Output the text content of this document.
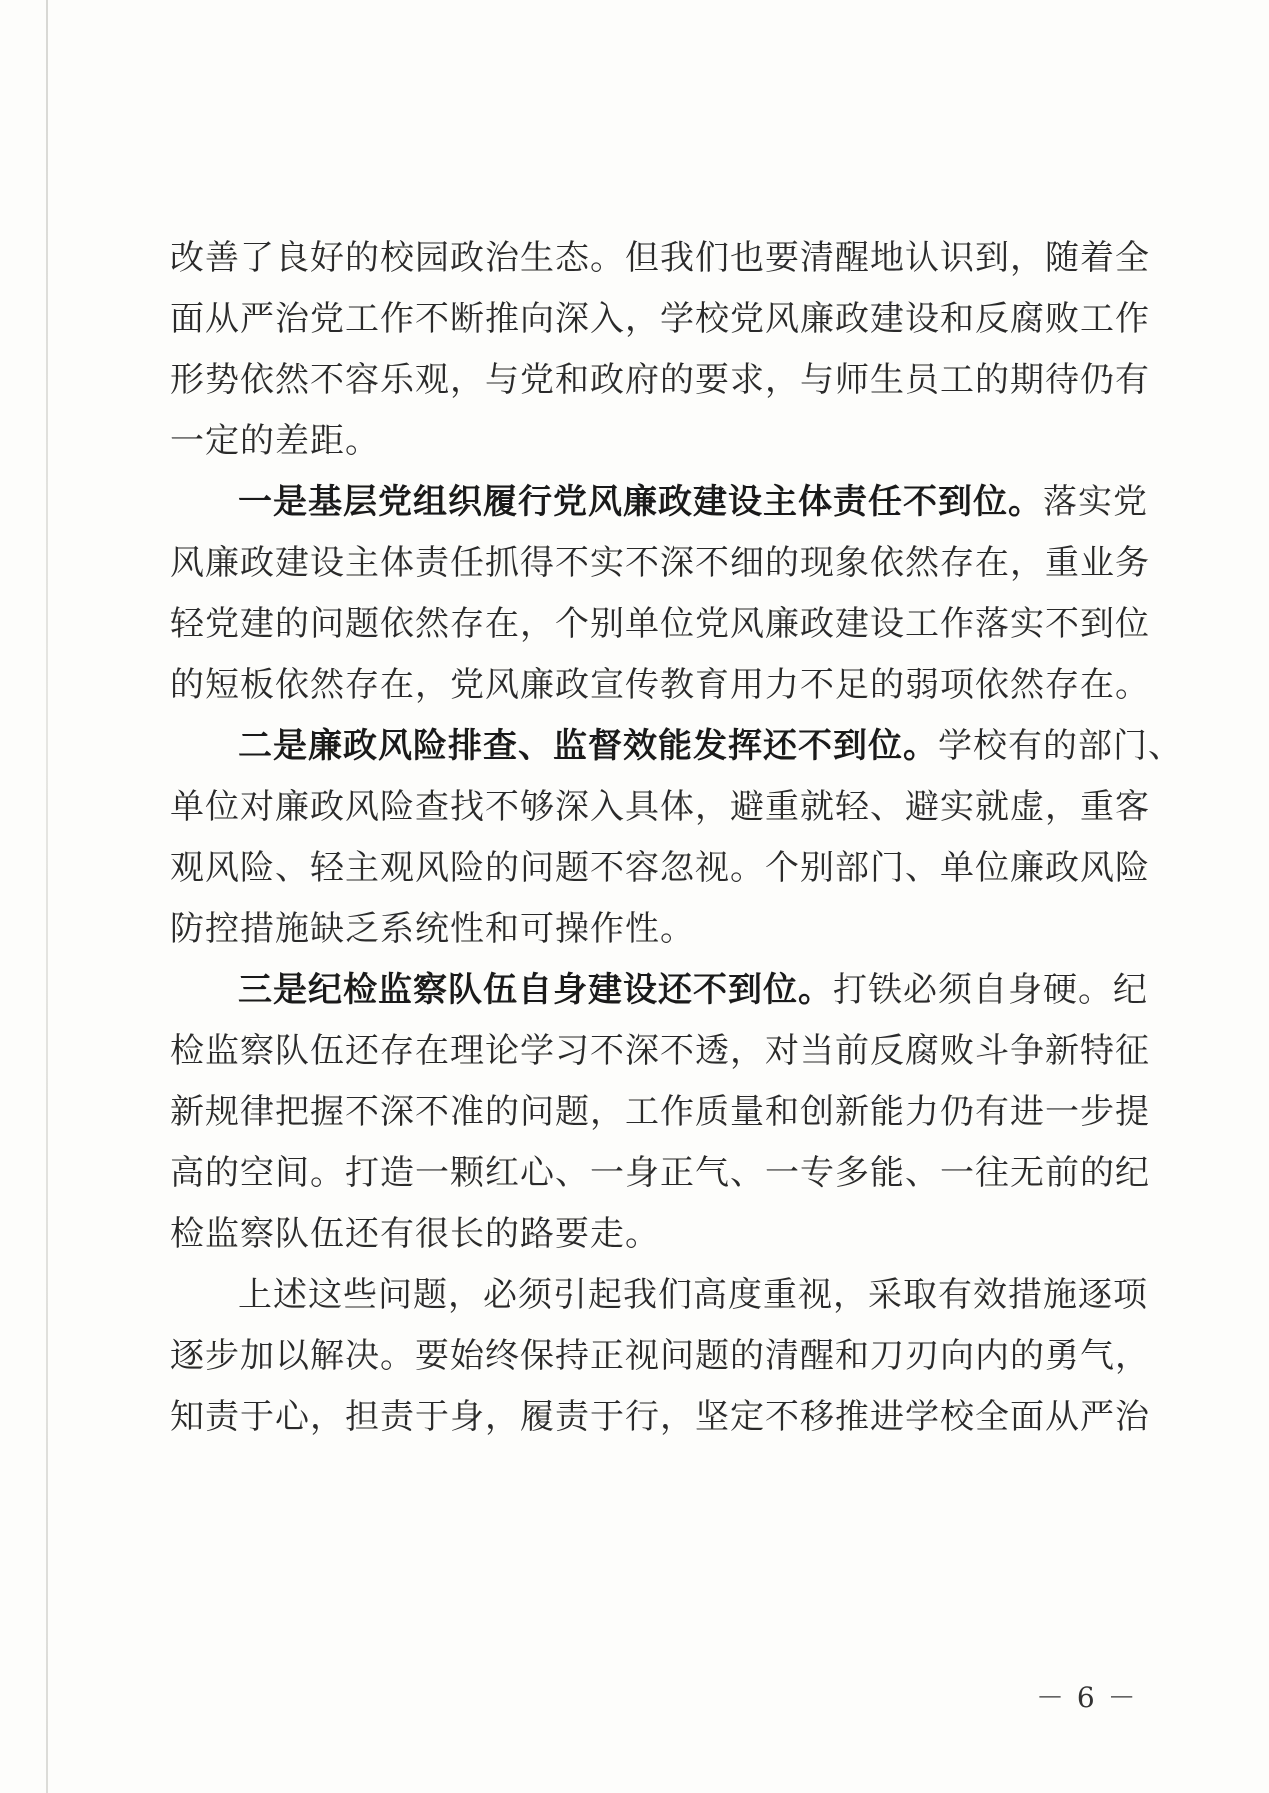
改善了良好的校园政治生态。但我们也要清醒地认识到，随着全
面从严治党工作不断推向深入，学校党风廉政建设和反腐败工作
形势依然不容乐观，与党和政府的要求，与师生员工的期待仍有
一定的差距。
一是基层党组织履行党风廉政建设主体责任不到位。落实党
风廉政建设主体责任抓得不实不深不细的现象依然存在，重业务
轻党建的问题依然存在，个别单位党风廉政建设工作落实不到位
的短板依然存在，党风廉政宣传教育用力不足的弱项依然存在。
二是廉政风险排查、监督效能发挥还不到位。学校有的部门、
单位对廉政风险查找不够深入具体，避重就轻、避实就虚，重客
观风险、轻主观风险的问题不容忽视。个别部门、单位廉政风险
防控措施缺乏系统性和可操作性。
三是纪检监察队伍自身建设还不到位。打铁必须自身硬。纪
检监察队伍还存在理论学习不深不透，对当前反腐败斗争新特征
新规律把握不深不准的问题，工作质量和创新能力仍有进一步提
高的空间。打造一颗红心、一身正气、一专多能、一往无前的纪
检监察队伍还有很长的路要走。
上述这些问题，必须引起我们高度重视，采取有效措施逐项
逐步加以解决。要始终保持正视问题的清醒和刀刃向内的勇气，
知责于心，担责于身，履责于行，坚定不移推进学校全面从严治
－ 6 －
